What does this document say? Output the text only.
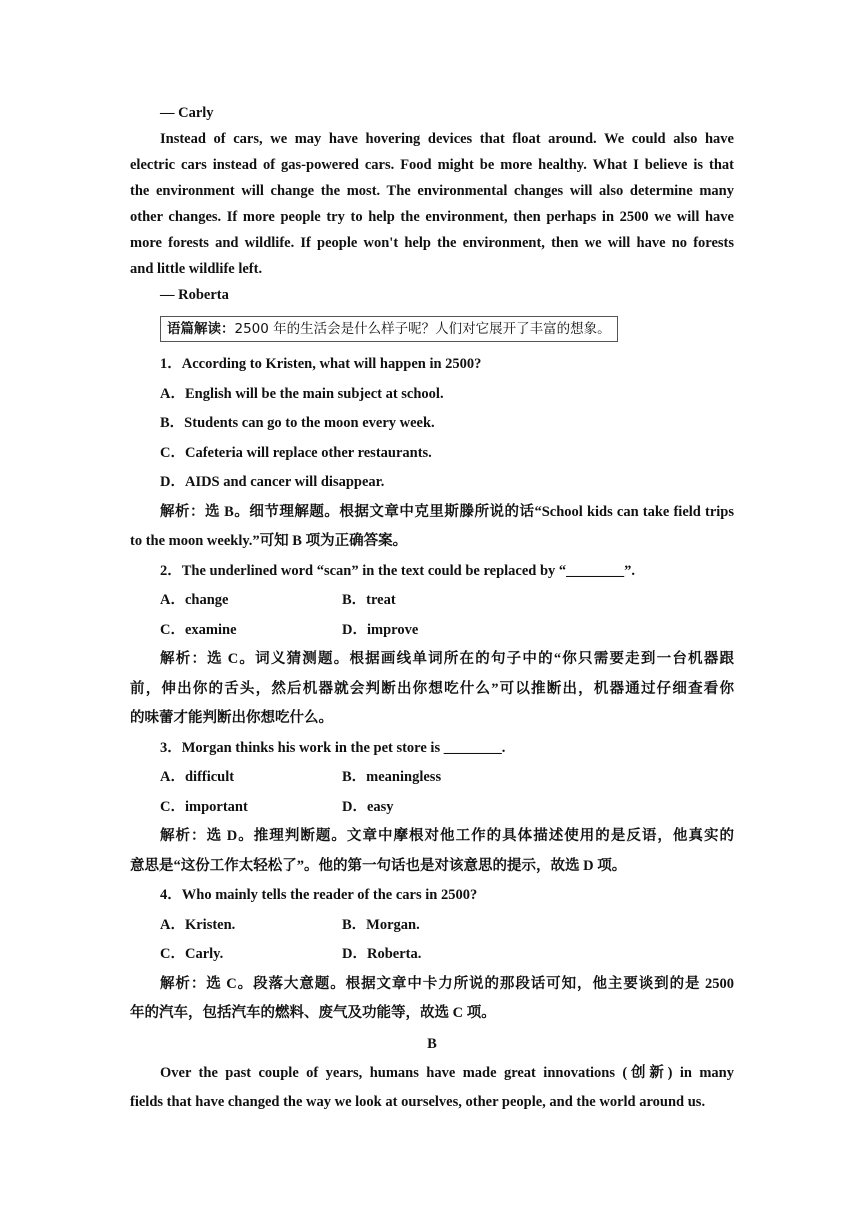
— Carly

Instead of cars, we may have hovering devices that float around. We could also have

electric cars instead of gas-powered cars. Food might be more healthy. What I believe is that

the environment will change the most. The environmental changes will also determine many

other changes. If more people try to help the environment, then perhaps in 2500 we will have

more forests and wildlife. If people won't help the environment, then we will have no forests

and little wildlife left.

— Roberta

语篇解读：2500 年的生活会是什么样子呢？人们对它展开了丰富的想象。

1．According to Kristen, what will happen in 2500?

A．English will be the main subject at school.

B．Students can go to the moon every week.

C．Cafeteria will replace other restaurants.

D．AIDS and cancer will disappear.

解析：选 B。细节理解题。根据文章中克里斯滕所说的话“School kids can take field trips

to the moon weekly.”可知 B 项为正确答案。

2．The underlined word “scan” in the text could be replaced by “________”.

A．change	B．treat

C．examine	D．improve

解析：选 C。词义猜测题。根据画线单词所在的句子中的“你只需要走到一台机器跟

前，伸出你的舌头，然后机器就会判断出你想吃什么”可以推断出，机器通过仔细查看你

的味蕾才能判断出你想吃什么。

3．Morgan thinks his work in the pet store is ________.

A．difficult	B．meaningless

C．important	D．easy

解析：选 D。推理判断题。文章中摩根对他工作的具体描述使用的是反语，他真实的

意思是“这份工作太轻松了”。他的第一句话也是对该意思的提示，故选 D 项。

4．Who mainly tells the reader of the cars in 2500?

A．Kristen.	B．Morgan.

C．Carly.	D．Roberta.

解析：选 C。段落大意题。根据文章中卡力所说的那段话可知，他主要谈到的是 2500

年的汽车，包括汽车的燃料、废气及功能等，故选 C 项。

B

Over the past couple of years, humans have made great innovations (创新) in many

fields that have changed the way we look at ourselves, other people, and the world around us.
